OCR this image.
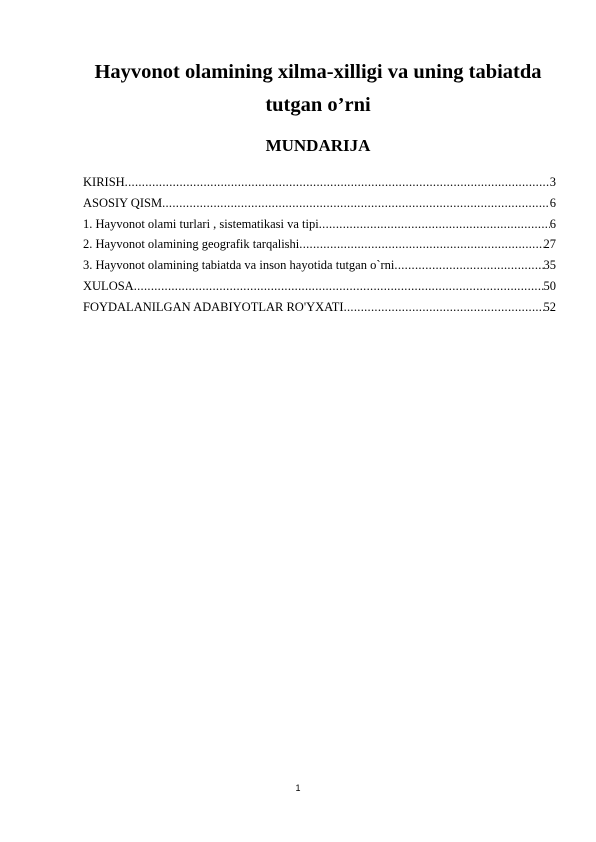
Hayvonot olamining xilma-xilligi va uning tabiatda
tutgan o’rni
MUNDARIJA
KIRISH .....	3
ASOSIY QISM .....	6
1. Hayvonot olami turlari , sistematikasi va tipi .....	6
2. Hayvonot olamining geografik tarqalishi .....	27
3. Hayvonot olamining tabiatda va inson hayotida tutgan o`rni .....	35
XULOSA .....	50
FOYDALANILGAN ADABIYOTLAR RO'YXATI .....	52
1
